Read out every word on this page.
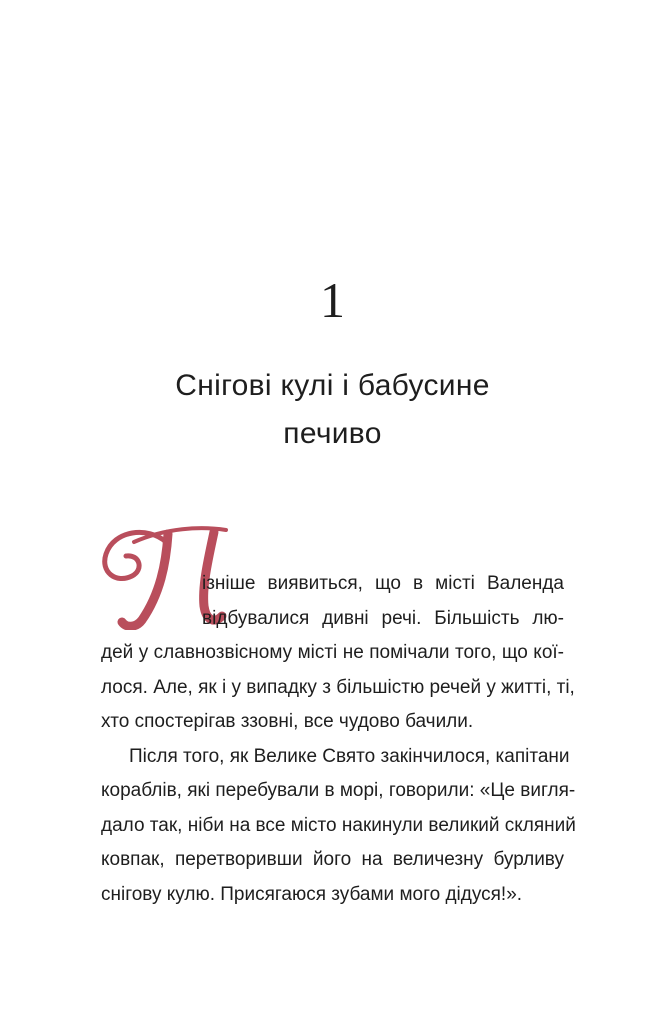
1
Снігові кулі і бабусине
печиво
ізніше виявиться, що в місті Валенда
відбувалися дивні речі. Більшість лю-
дей у славнозвісному місті не помічали того, що кої-
лося. Але, як і у випадку з більшістю речей у житті, ті,
хто спостерігав ззовні, все чудово бачили.
Після того, як Велике Свято закінчилося, капітани
кораблів, які перебували в морі, говорили: «Це вигля-
дало так, ніби на все місто накинули великий скляний
ковпак, перетворивши його на величезну бурливу
снігову кулю. Присягаюся зубами мого дідуся!».
